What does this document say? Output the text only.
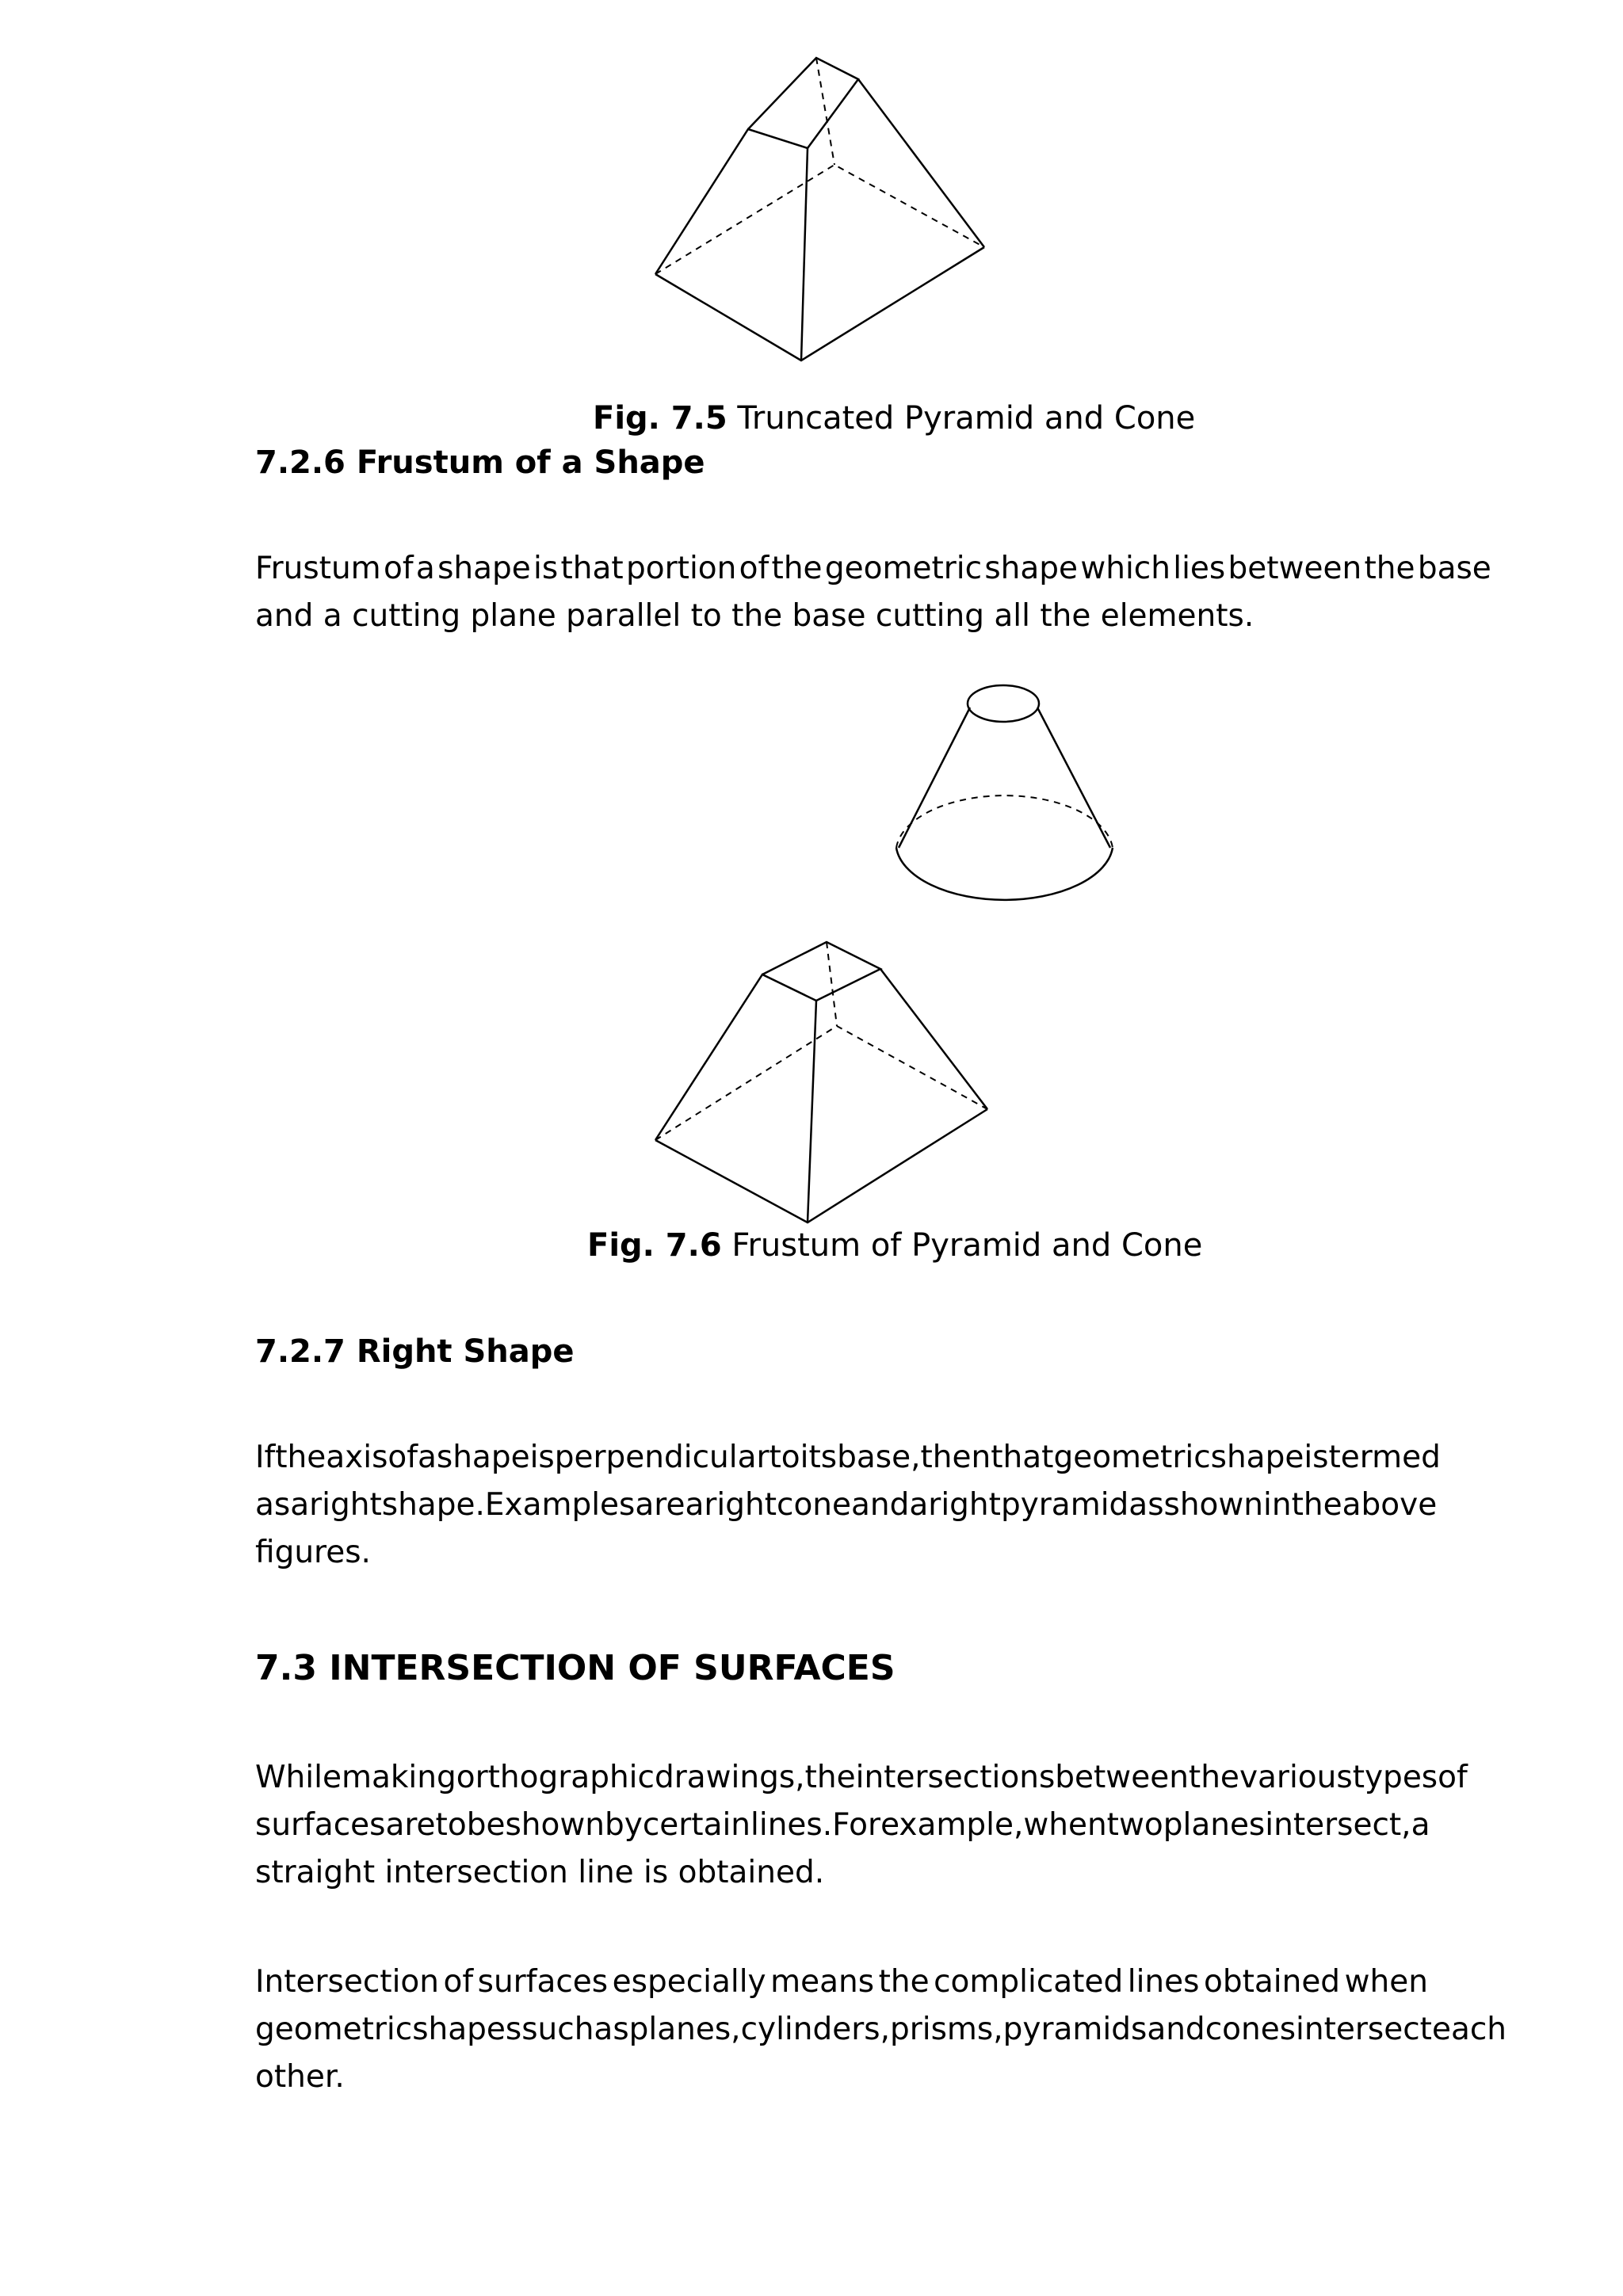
Fig. 7.5 Truncated Pyramid and Cone
7.2.6 Frustum of a Shape
Frustum of a shape is that portion of the geometric shape which lies between the base
and a cutting plane parallel to the base cutting all the elements.
Fig. 7.6 Frustum of Pyramid and Cone
7.2.7 Right Shape
If the axis of a shape is perpendicular to its base, then that geometric shape is termed
as a right shape. Examples are a right cone and a right pyramid as shown in the above
figures.
7.3 INTERSECTION OF SURFACES
While making orthographic drawings, the intersections between the various types of
surfaces are to be shown by certain lines. For example, when two planes intersect, a
straight intersection line is obtained.
Intersection of surfaces especially means the complicated lines obtained when
geometric shapes such as planes, cylinders, prisms, pyramids and cones intersect each
other.
